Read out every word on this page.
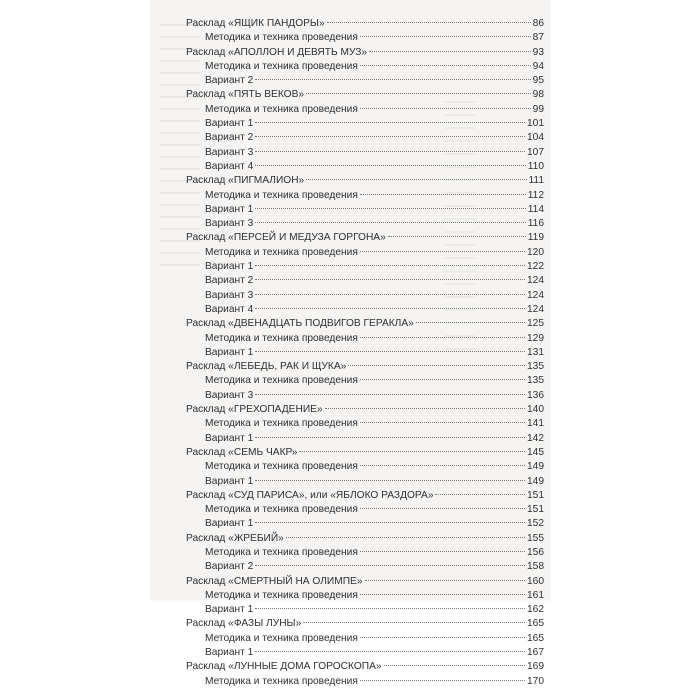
Расклад «ЯЩИК ПАНДОРЫ»	86
Методика и техника проведения	87
Расклад «АПОЛЛОН И ДЕВЯТЬ МУЗ»	93
Методика и техника проведения	94
Вариант 2	95
Расклад «ПЯТЬ ВЕКОВ»	98
Методика и техника проведения	99
Вариант 1	101
Вариант 2	104
Вариант 3	107
Вариант 4	110
Расклад «ПИГМАЛИОН»	111
Методика и техника проведения	112
Вариант 1	114
Вариант 3	116
Расклад «ПЕРСЕЙ И МЕДУЗА ГОРГОНА»	119
Методика и техника проведения	120
Вариант 1	122
Вариант 2	124
Вариант 3	124
Вариант 4	124
Расклад «ДВЕНАДЦАТЬ ПОДВИГОВ ГЕРАКЛА»	125
Методика и техника проведения	129
Вариант 1	131
Расклад «ЛЕБЕДЬ, РАК И ЩУКА»	135
Методика и техника проведения	135
Вариант 3	136
Расклад «ГРЕХОПАДЕНИЕ»	140
Методика и техника проведения	141
Вариант 1	142
Расклад «СЕМЬ ЧАКР»	145
Методика и техника проведения	149
Вариант 1	149
Расклад «СУД ПАРИСА», или «ЯБЛОКО РАЗДОРА»	151
Методика и техника проведения	151
Вариант 1	152
Расклад «ЖРЕБИЙ»	155
Методика и техника проведения	156
Вариант 2	158
Расклад «СМЕРТНЫЙ НА ОЛИМПЕ»	160
Методика и техника проведения	161
Вариант 1	162
Расклад «ФАЗЫ ЛУНЫ»	165
Методика и техника проведения	165
Вариант 1	167
Расклад «ЛУННЫЕ ДОМА ГОРОСКОПА»	169
Методика и техника проведения	170
